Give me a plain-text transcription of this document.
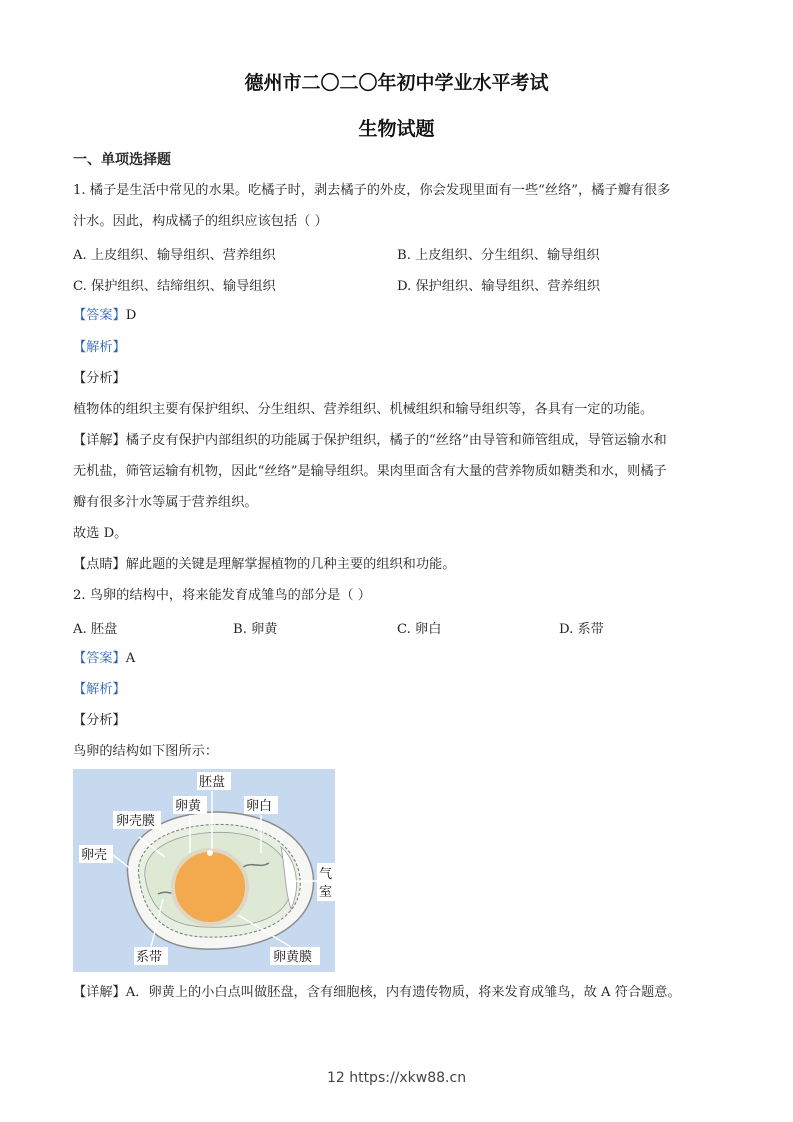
德州市二〇二〇年初中学业水平考试
生物试题
一、单项选择题
1. 橘子是生活中常见的水果。吃橘子时，剥去橘子的外皮，你会发现里面有一些“丝络”，橘子瓣有很多
汁水。因此，构成橘子的组织应该包括（ ）
A. 上皮组织、输导组织、营养组织	B. 上皮组织、分生组织、输导组织
C. 保护组织、结缔组织、输导组织	D. 保护组织、输导组织、营养组织
【答案】D
【解析】
【分析】
植物体的组织主要有保护组织、分生组织、营养组织、机械组织和输导组织等，各具有一定的功能。
【详解】橘子皮有保护内部组织的功能属于保护组织，橘子的“丝络”由导管和筛管组成，导管运输水和
无机盐，筛管运输有机物，因此“丝络”是输导组织。果肉里面含有大量的营养物质如糖类和水，则橘子
瓣有很多汁水等属于营养组织。
故选 D。
【点睛】解此题的关键是理解掌握植物的几种主要的组织和功能。
2. 鸟卵的结构中，将来能发育成雏鸟的部分是（ ）
A. 胚盘	B. 卵黄	C. 卵白	D. 系带
【答案】A
【解析】
【分析】
鸟卵的结构如下图所示：
胚盘
卵黄	卵白
卵壳膜
卵壳
气
室
系带	卵黄膜
【详解】A．卵黄上的小白点叫做胚盘，含有细胞核，内有遗传物质，将来发育成雏鸟，故 A 符合题意。
12 https://xkw88.cn
